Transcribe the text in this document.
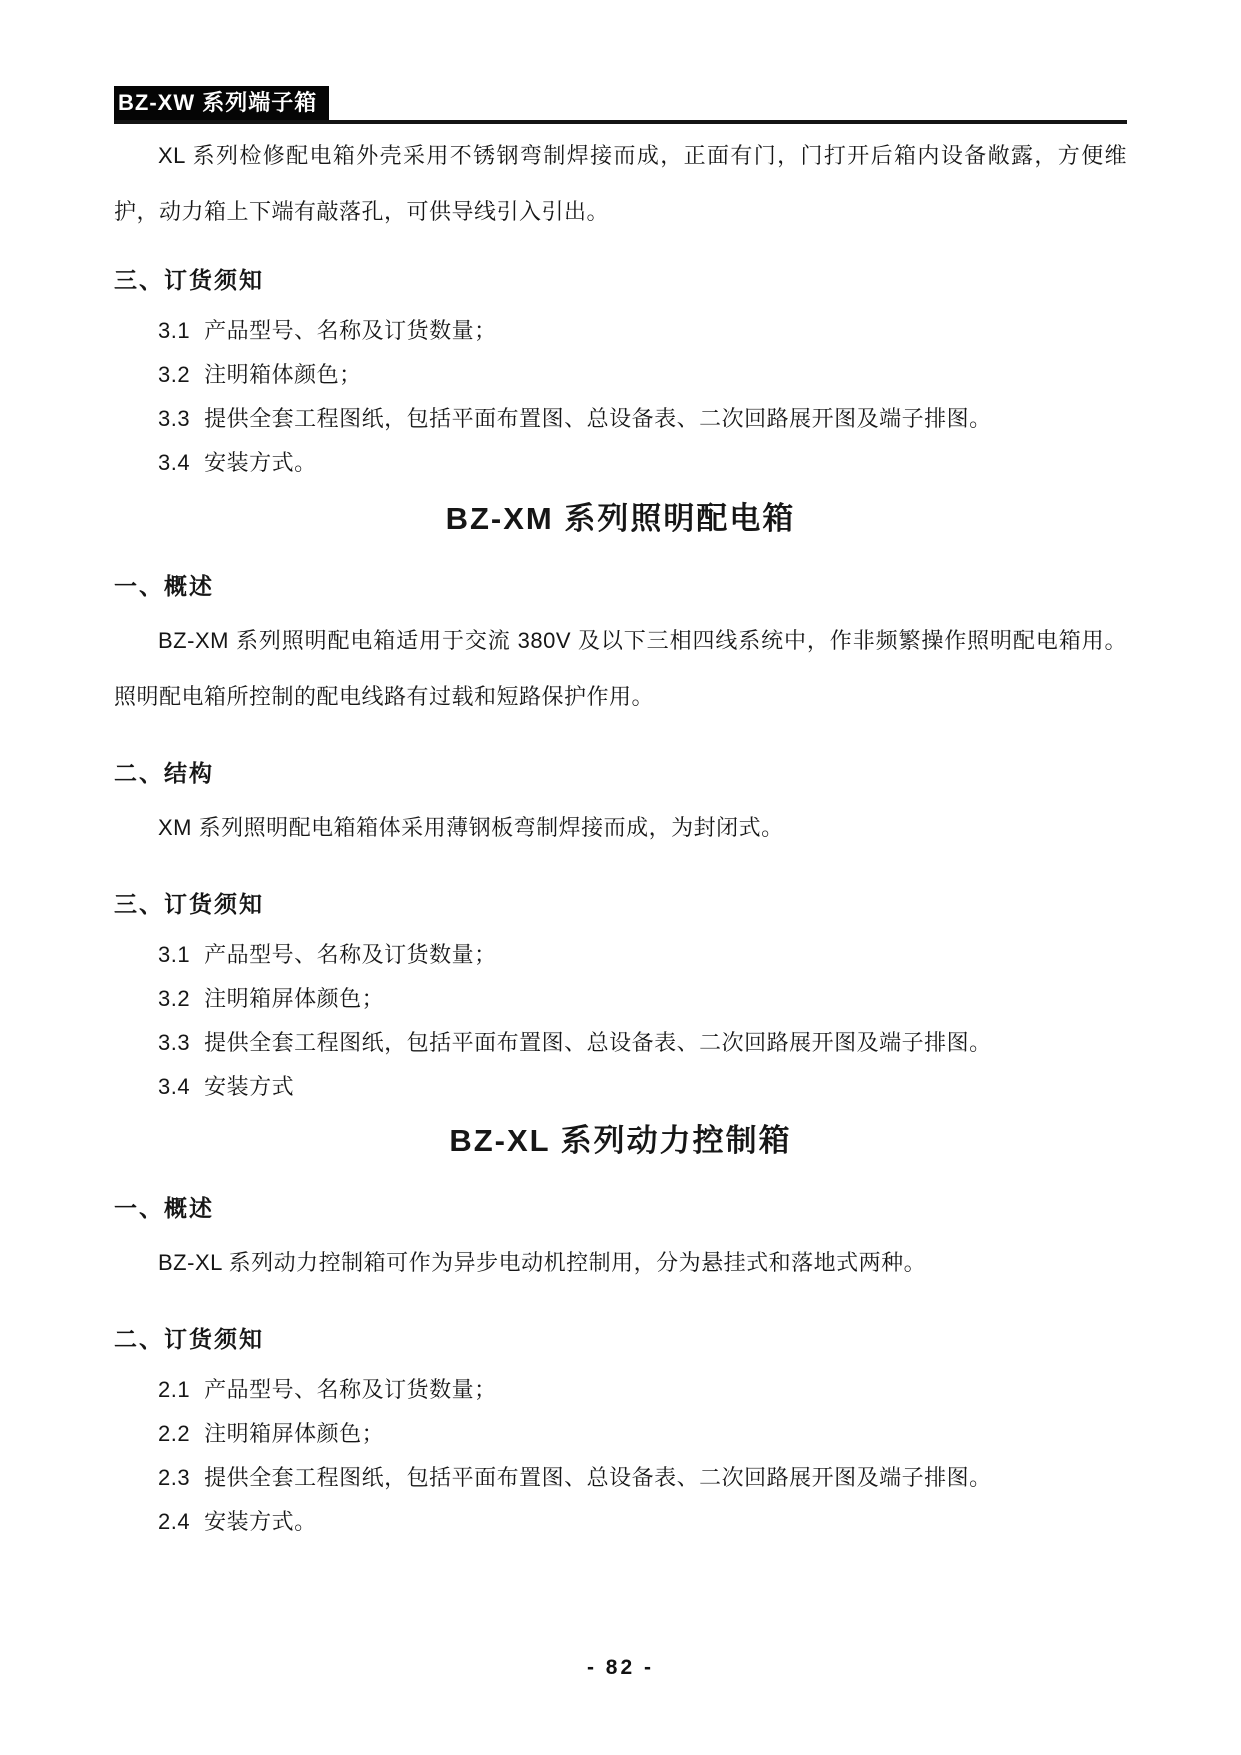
BZ-XW 系列端子箱

XL 系列检修配电箱外壳采用不锈钢弯制焊接而成，正面有门，门打开后箱内设备敞露，方便维护，动力箱上下端有敲落孔，可供导线引入引出。

三、订货须知
3.1 产品型号、名称及订货数量；
3.2 注明箱体颜色；
3.3 提供全套工程图纸，包括平面布置图、总设备表、二次回路展开图及端子排图。
3.4 安装方式。
BZ-XM 系列照明配电箱
一、概述

BZ-XM 系列照明配电箱适用于交流 380V 及以下三相四线系统中，作非频繁操作照明配电箱用。照明配电箱所控制的配电线路有过载和短路保护作用。

二、结构

XM 系列照明配电箱箱体采用薄钢板弯制焊接而成，为封闭式。

三、订货须知
3.1 产品型号、名称及订货数量；
3.2 注明箱屏体颜色；
3.3 提供全套工程图纸，包括平面布置图、总设备表、二次回路展开图及端子排图。
3.4 安装方式
BZ-XL 系列动力控制箱
一、概述

BZ-XL 系列动力控制箱可作为异步电动机控制用，分为悬挂式和落地式两种。

二、订货须知
2.1 产品型号、名称及订货数量；
2.2 注明箱屏体颜色；
2.3 提供全套工程图纸，包括平面布置图、总设备表、二次回路展开图及端子排图。
2.4 安装方式。
- 82 -
